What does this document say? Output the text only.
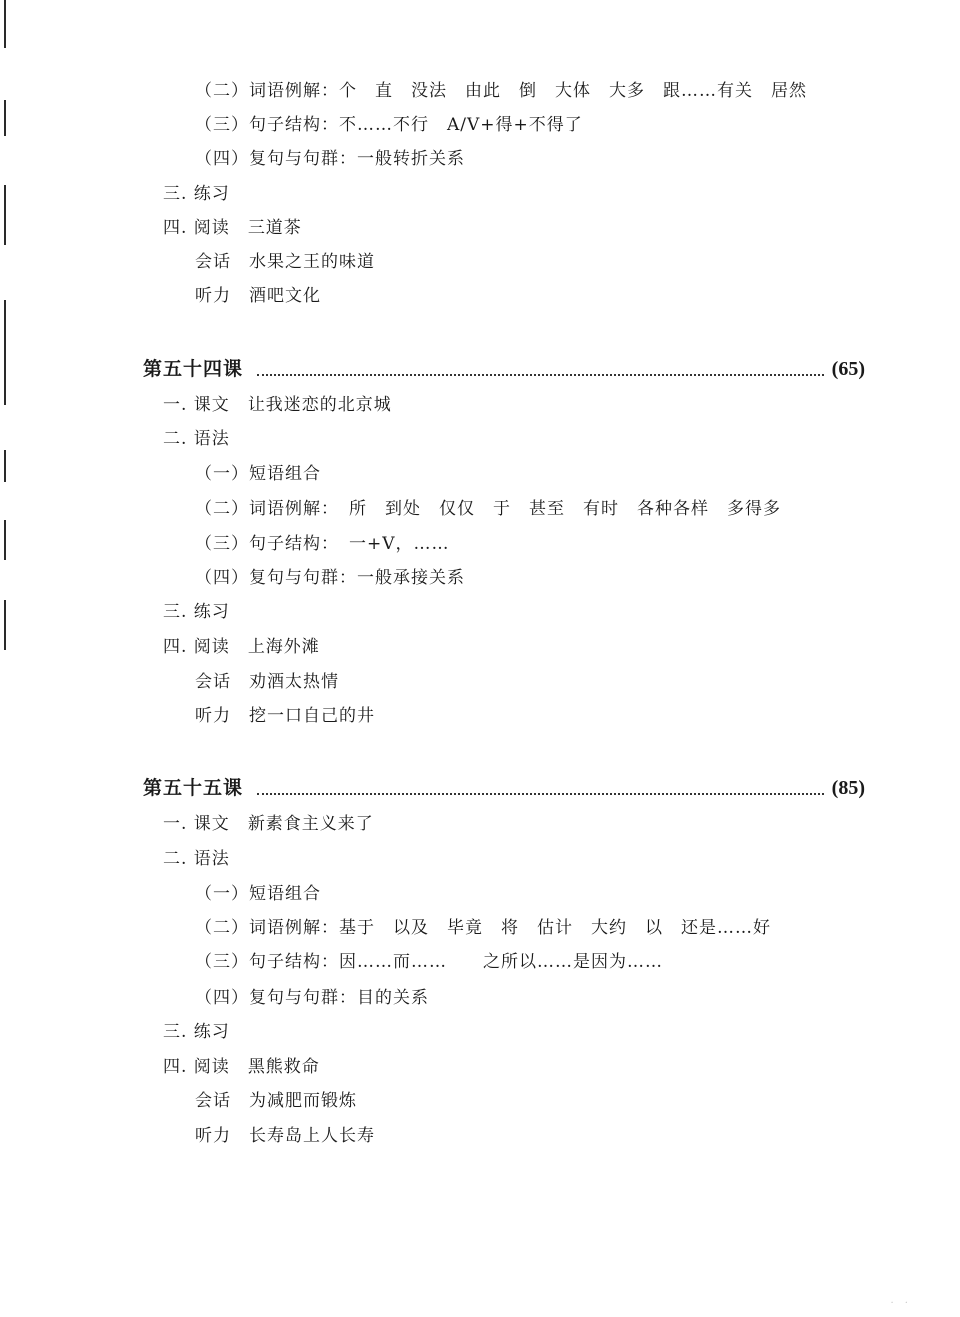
（二）词语例解：个 直 没法 由此 倒 大体 大多 跟……有关 居然
（三）句子结构：不……不行 A/V+得+不得了
（四）复句与句群：一般转折关系
三. 练习
四. 阅读 三道茶
会话 水果之王的味道
听力 酒吧文化
第五十四课	(65)
一. 课文 让我迷恋的北京城
二. 语法
（一）短语组合
（二）词语例解： 所 到处 仅仅 于 甚至 有时 各种各样 多得多
（三）句子结构： 一+V，……
（四）复句与句群：一般承接关系
三. 练习
四. 阅读 上海外滩
会话 劝酒太热情
听力 挖一口自己的井
第五十五课	(85)
一. 课文 新素食主义来了
二. 语法
（一）短语组合
（二）词语例解：基于 以及 毕竟 将 估计 大约 以 还是……好
（三）句子结构：因……而…… 之所以……是因为……
（四）复句与句群：目的关系
三. 练习
四. 阅读 黑熊救命
会话 为减肥而锻炼
听力 长寿岛上人长寿
· ·
